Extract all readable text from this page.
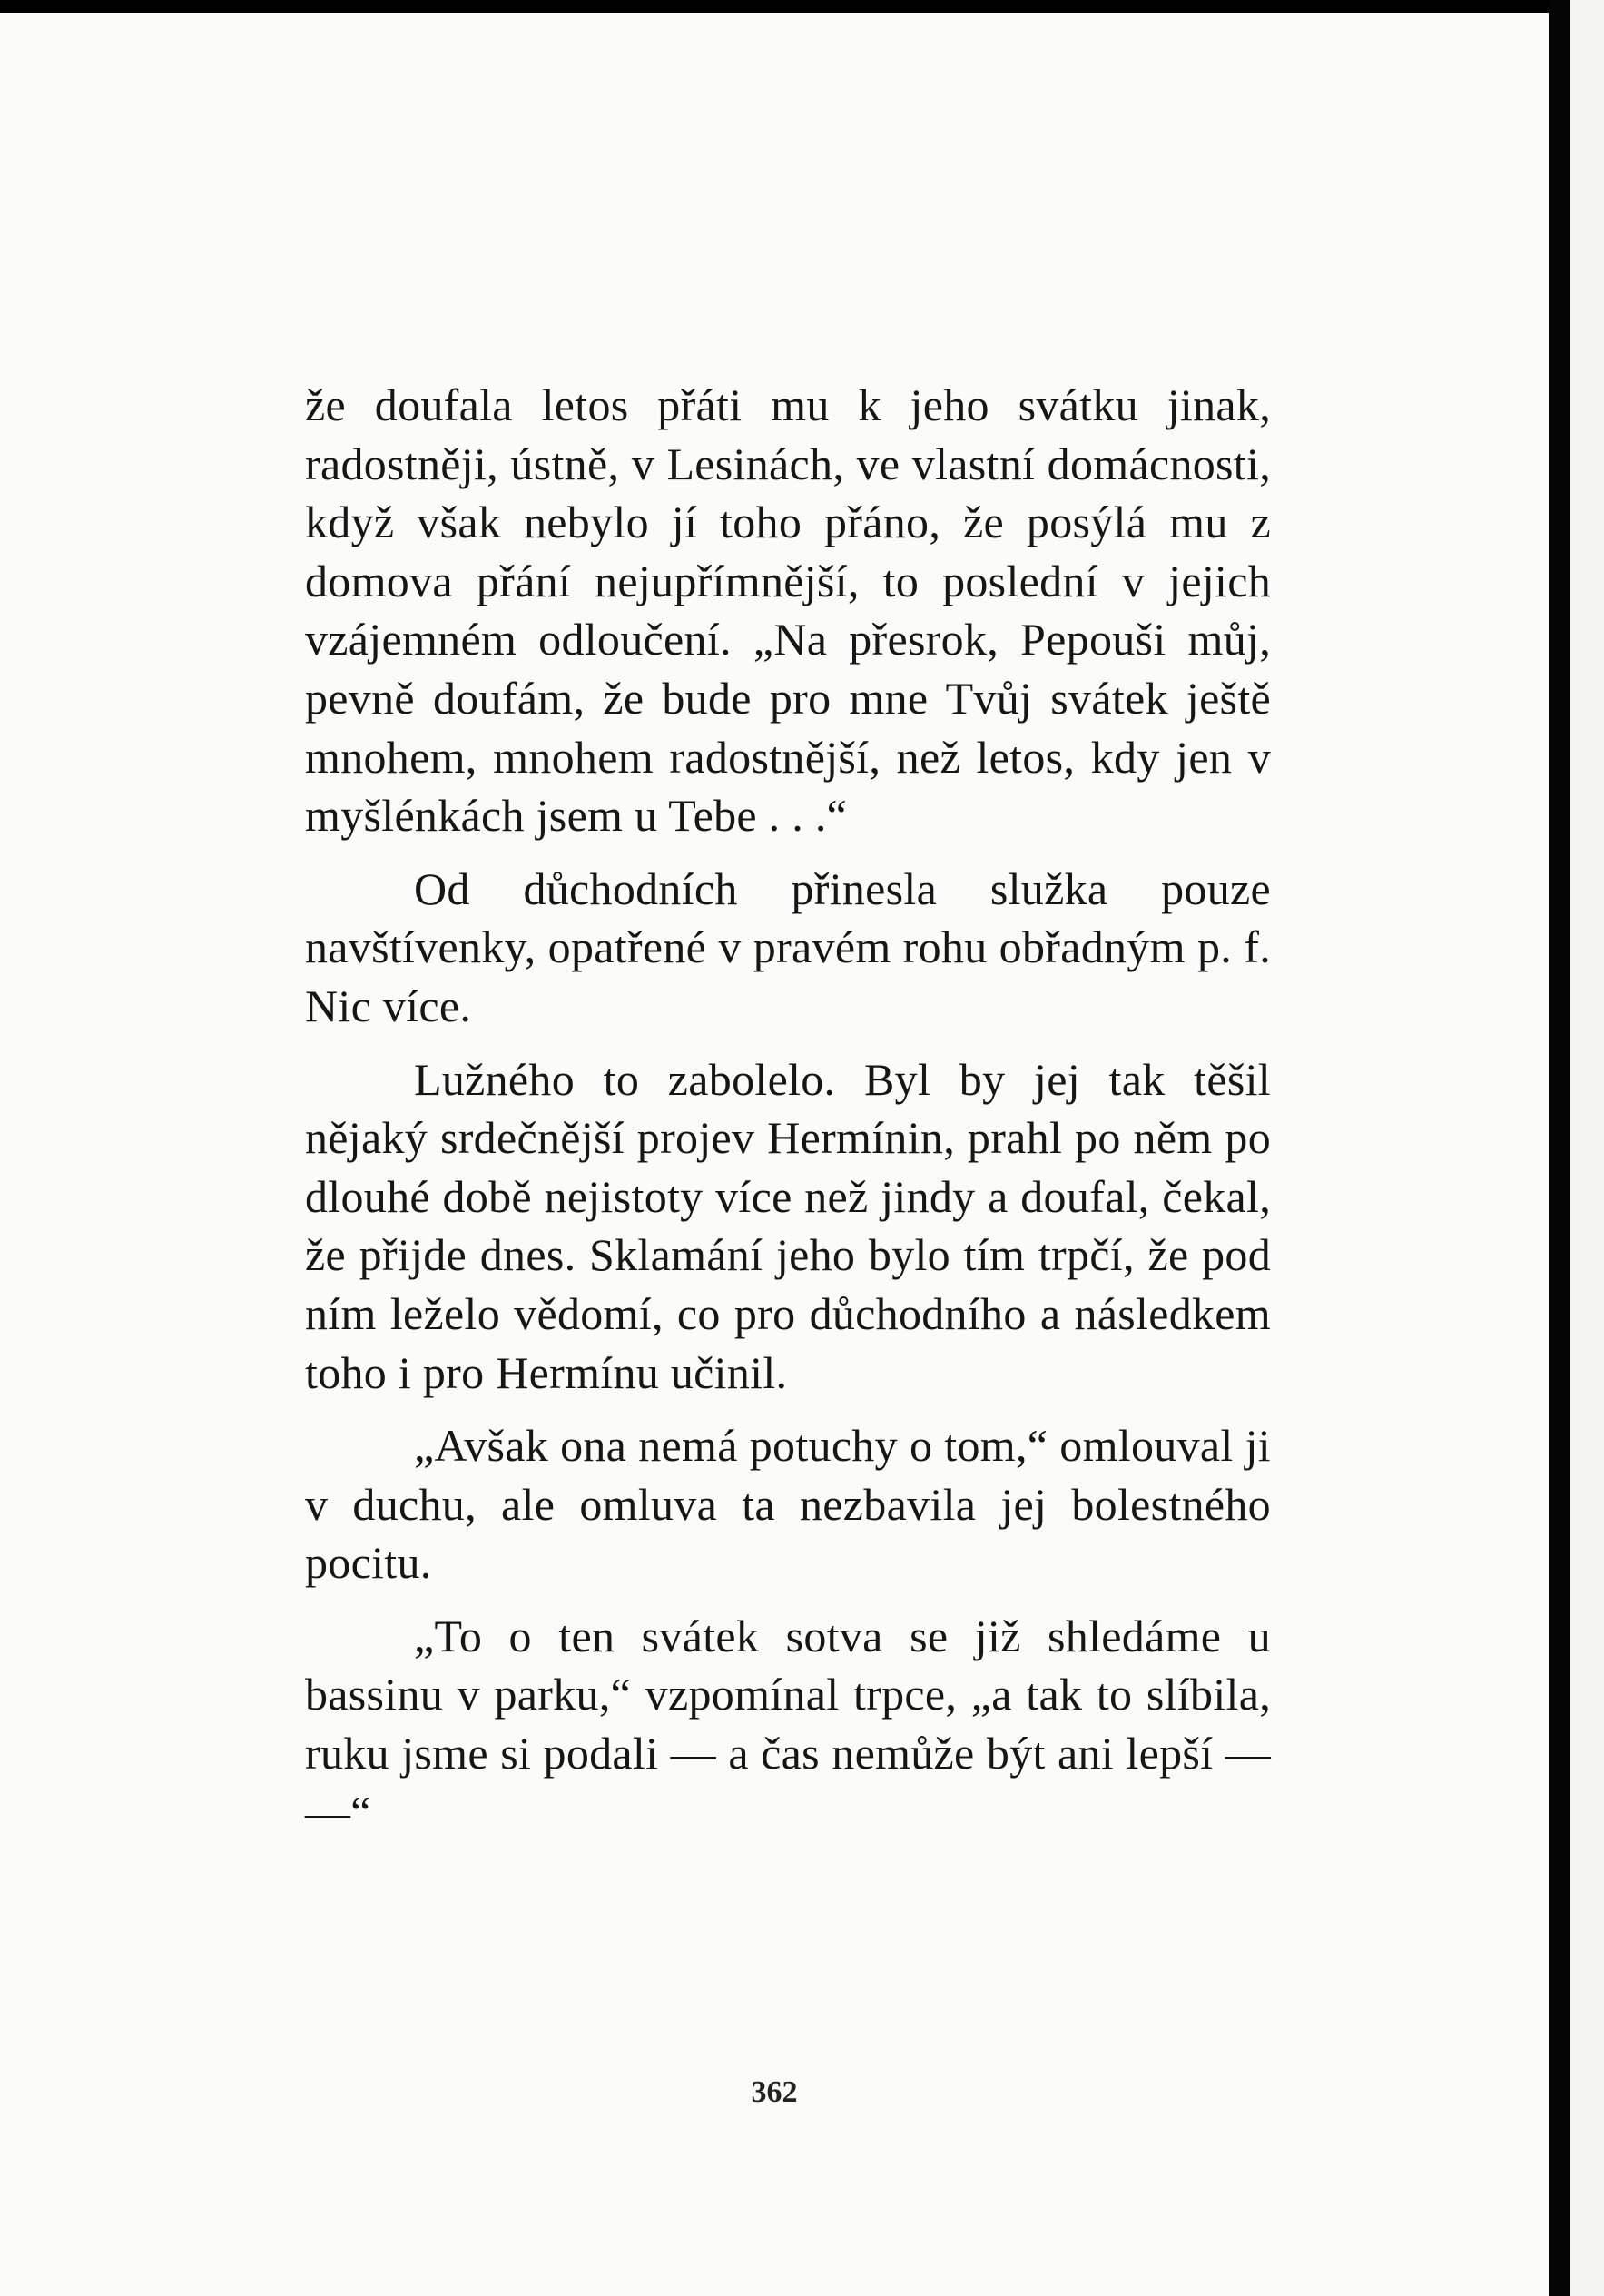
že doufala letos přáti mu k jeho svátku jinak, radostněji, ústně, v Lesinách, ve vlastní domácnosti, když však nebylo jí toho přáno, že posýlá mu z domova přání nejupřímnější, to poslední v jejich vzájemném odloučení. „Na přesrok, Pepouši můj, pevně doufám, že bude pro mne Tvůj svátek ještě mnohem, mnohem radostnější, než letos, kdy jen v myšlénkách jsem u Tebe . . .“

Od důchodních přinesla služka pouze navštívenky, opatřené v pravém rohu obřadným p. f. Nic více.

Lužného to zabolelo. Byl by jej tak těšil nějaký srdečnější projev Hermínin, prahl po něm po dlouhé době nejistoty více než jindy a doufal, čekal, že přijde dnes. Sklamání jeho bylo tím trpčí, že pod ním leželo vědomí, co pro důchodního a následkem toho i pro Hermínu učinil.

„Avšak ona nemá potuchy o tom,“ omlouval ji v duchu, ale omluva ta nezbavila jej bolestného pocitu.

„To o ten svátek sotva se již shledáme u bassinu v parku,“ vzpomínal trpce, „a tak to slíbila, ruku jsme si podali — a čas nemůže být ani lepší — —“

362
